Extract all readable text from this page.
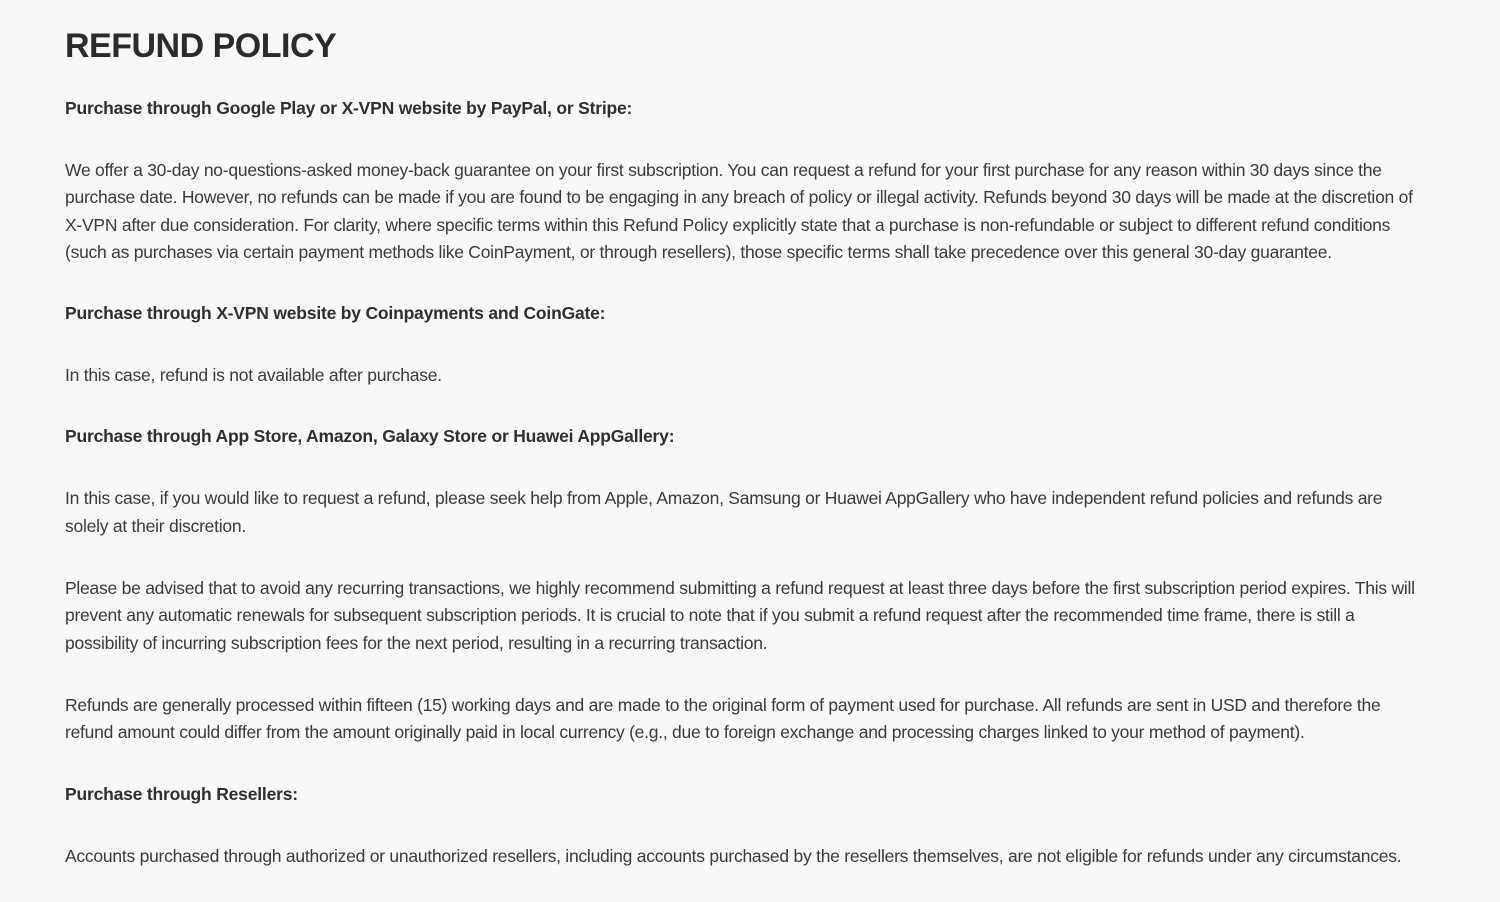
REFUND POLICY

Purchase through Google Play or X-VPN website by PayPal, or Stripe:

We offer a 30-day no-questions-asked money-back guarantee on your first subscription. You can request a refund for your first purchase for any reason within 30 days since the purchase date. However, no refunds can be made if you are found to be engaging in any breach of policy or illegal activity. Refunds beyond 30 days will be made at the discretion of X-VPN after due consideration. For clarity, where specific terms within this Refund Policy explicitly state that a purchase is non-refundable or subject to different refund conditions (such as purchases via certain payment methods like CoinPayment, or through resellers), those specific terms shall take precedence over this general 30-day guarantee.

Purchase through X-VPN website by Coinpayments and CoinGate:

In this case, refund is not available after purchase.

Purchase through App Store, Amazon, Galaxy Store or Huawei AppGallery:

In this case, if you would like to request a refund, please seek help from Apple, Amazon, Samsung or Huawei AppGallery who have independent refund policies and refunds are solely at their discretion.

Please be advised that to avoid any recurring transactions, we highly recommend submitting a refund request at least three days before the first subscription period expires. This will prevent any automatic renewals for subsequent subscription periods. It is crucial to note that if you submit a refund request after the recommended time frame, there is still a possibility of incurring subscription fees for the next period, resulting in a recurring transaction.

Refunds are generally processed within fifteen (15) working days and are made to the original form of payment used for purchase. All refunds are sent in USD and therefore the refund amount could differ from the amount originally paid in local currency (e.g., due to foreign exchange and processing charges linked to your method of payment).

Purchase through Resellers:

Accounts purchased through authorized or unauthorized resellers, including accounts purchased by the resellers themselves, are not eligible for refunds under any circumstances.
